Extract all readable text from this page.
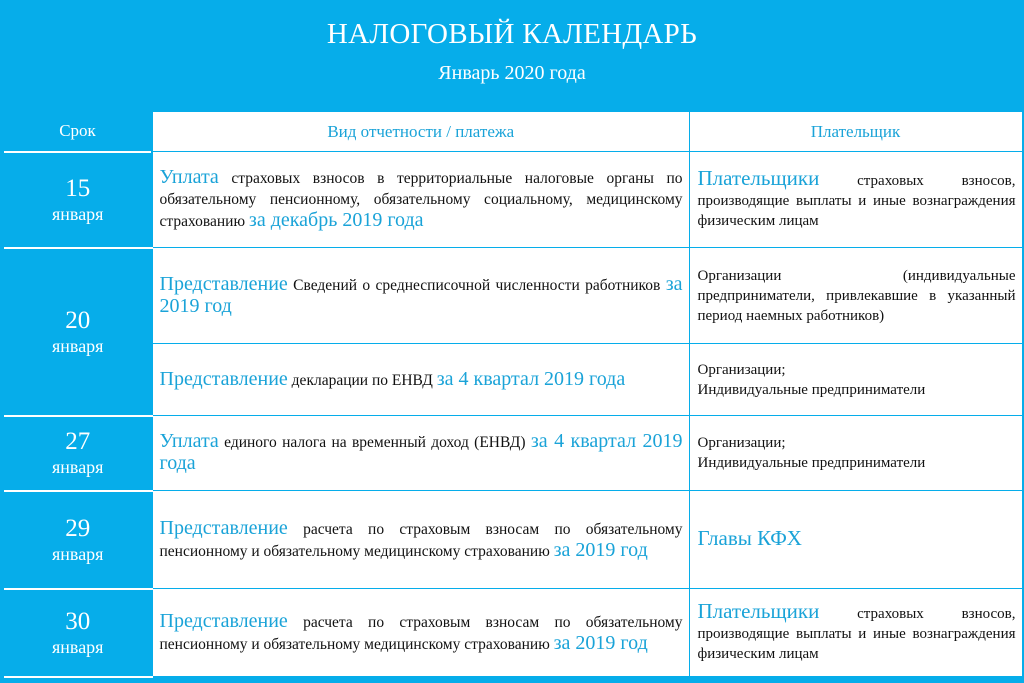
НАЛОГОВЫЙ КАЛЕНДАРЬ
Январь 2020 года
Срок	Вид отчетности / платежа	Плательщик

15
января	Уплата страховых взносов в территориальные налоговые органы по обязательному пенсионному, обязательному социальному, медицинскому страхованию за декабрь 2019 года	Плательщики страховых взносов, производящие выплаты и иные вознаграждения физическим лицам

20
января	Представление Сведений о среднесписочной численности работников за 2019 год	Организации (индивидуальные предприниматели, привлекавшие в указанный период наемных работников)
	Представление декларации по ЕНВД за 4 квартал 2019 года	Организации;
Индивидуальные предприниматели

27
января	Уплата единого налога на временный доход (ЕНВД) за 4 квартал 2019 года	Организации;
Индивидуальные предприниматели

29
января	Представление расчета по страховым взносам по обязательному пенсионному и обязательному медицинскому страхованию за 2019 год	Главы КФХ

30
января	Представление расчета по страховым взносам по обязательному пенсионному и обязательному медицинскому страхованию за 2019 год	Плательщики страховых взносов, производящие выплаты и иные вознаграждения физическим лицам
